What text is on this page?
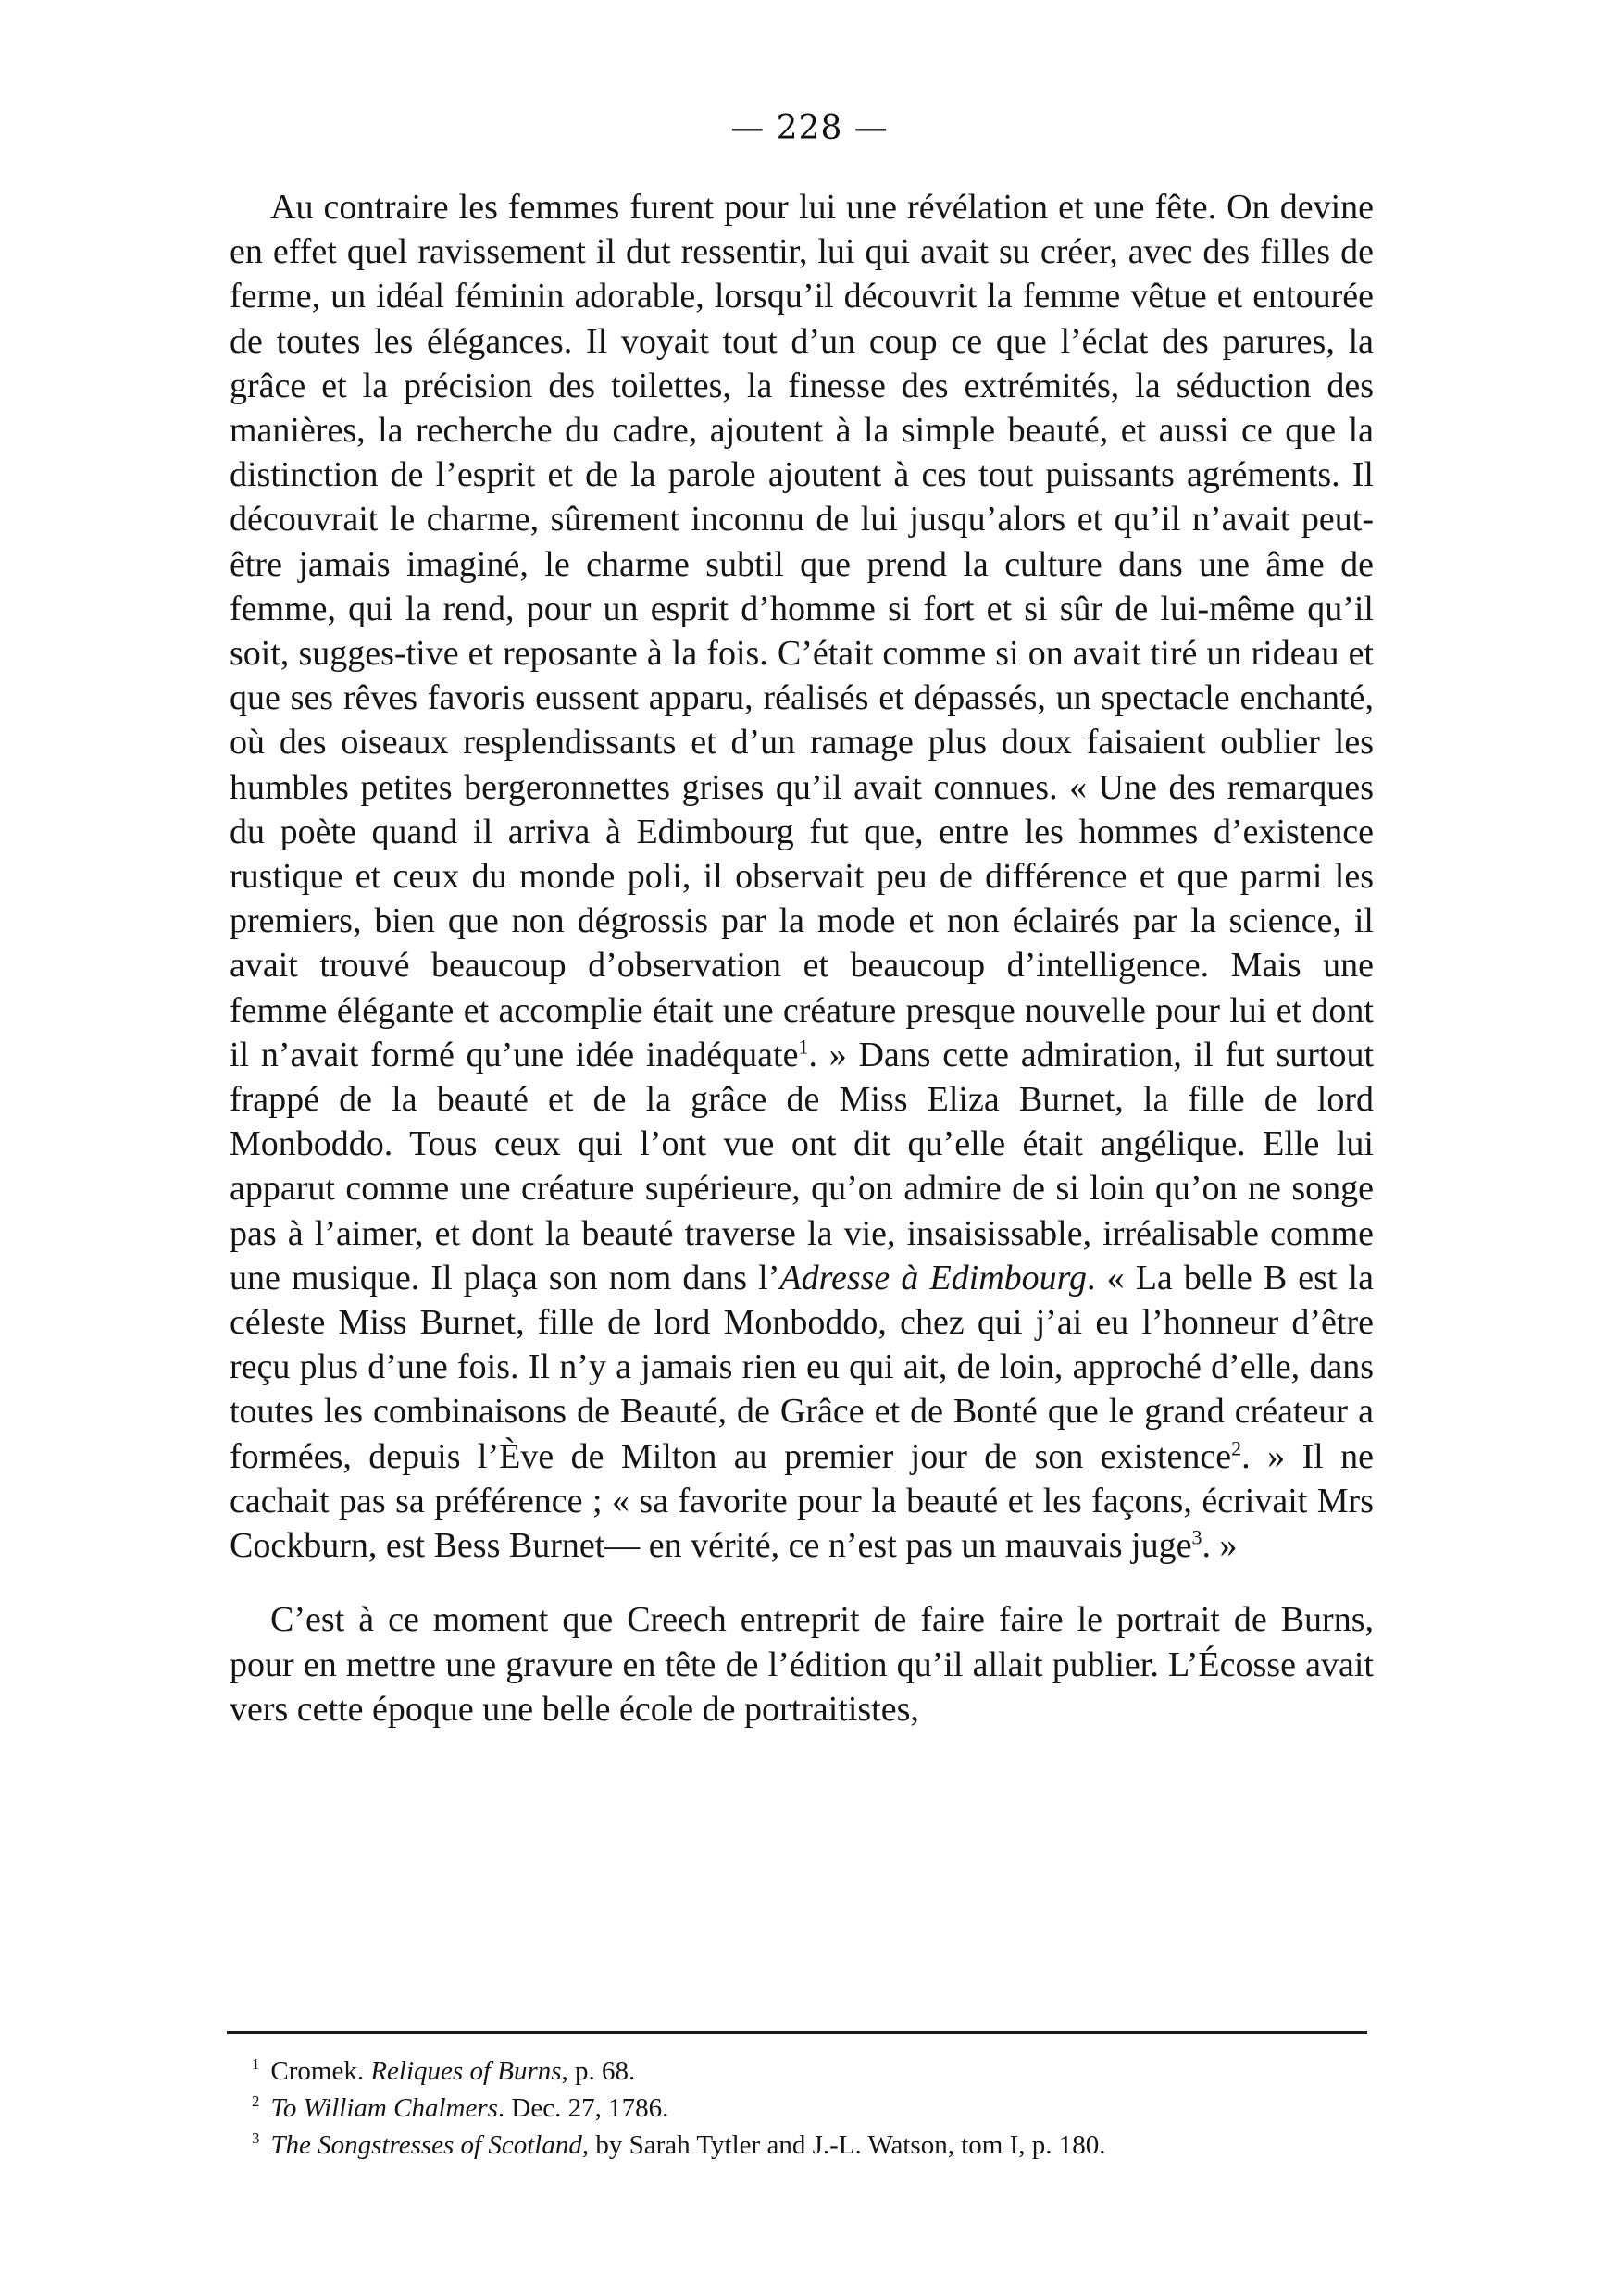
— 228 —

Au contraire les femmes furent pour lui une révélation et une fête. On devine en effet quel ravissement il dut ressentir, lui qui avait su créer, avec des filles de ferme, un idéal féminin adorable, lorsqu’il découvrit la femme vêtue et entourée de toutes les élégances. Il voyait tout d’un coup ce que l’éclat des parures, la grâce et la précision des toilettes, la finesse des extrémités, la séduction des manières, la recherche du cadre, ajoutent à la simple beauté, et aussi ce que la distinction de l’esprit et de la parole ajoutent à ces tout puissants agréments. Il découvrait le charme, sûrement inconnu de lui jusqu’alors et qu’il n’avait peut-être jamais imaginé, le charme subtil que prend la culture dans une âme de femme, qui la rend, pour un esprit d’homme si fort et si sûr de lui-même qu’il soit, sugges-tive et reposante à la fois. C’était comme si on avait tiré un rideau et que ses rêves favoris eussent apparu, réalisés et dépassés, un spectacle enchanté, où des oiseaux resplendissants et d’un ramage plus doux faisaient oublier les humbles petites bergeronnettes grises qu’il avait connues. « Une des remarques du poète quand il arriva à Edimbourg fut que, entre les hommes d’existence rustique et ceux du monde poli, il observait peu de différence et que parmi les premiers, bien que non dégrossis par la mode et non éclairés par la science, il avait trouvé beaucoup d’observation et beaucoup d’intelligence. Mais une femme élégante et accomplie était une créature presque nouvelle pour lui et dont il n’avait formé qu’une idée inadéquate$^1$. » Dans cette admiration, il fut surtout frappé de la beauté et de la grâce de Miss Eliza Burnet, la fille de lord Monboddo. Tous ceux qui l’ont vue ont dit qu’elle était angélique. Elle lui apparut comme une créature supérieure, qu’on admire de si loin qu’on ne songe pas à l’aimer, et dont la beauté traverse la vie, insaisissable, irréalisable comme une musique. Il plaça son nom dans l’Adresse à Edimbourg. « La belle B est la céleste Miss Burnet, fille de lord Monboddo, chez qui j’ai eu l’honneur d’être reçu plus d’une fois. Il n’y a jamais rien eu qui ait, de loin, approché d’elle, dans toutes les combinaisons de Beauté, de Grâce et de Bonté que le grand créateur a formées, depuis l’Ève de Milton au premier jour de son existence$^2$. » Il ne cachait pas sa préférence ; « sa favorite pour la beauté et les façons, écrivait Mrs Cockburn, est Bess Burnet— en vérité, ce n’est pas un mauvais juge$^3$. »

C’est à ce moment que Creech entreprit de faire faire le portrait de Burns, pour en mettre une gravure en tête de l’édition qu’il allait publier. L’Écosse avait vers cette époque une belle école de portraitistes,

$^1$ Cromek. Reliques of Burns, p. 68.
$^2$ To William Chalmers. Dec. 27, 1786.
$^3$ The Songstresses of Scotland, by Sarah Tytler and J.-L. Watson, tom I, p. 180.
